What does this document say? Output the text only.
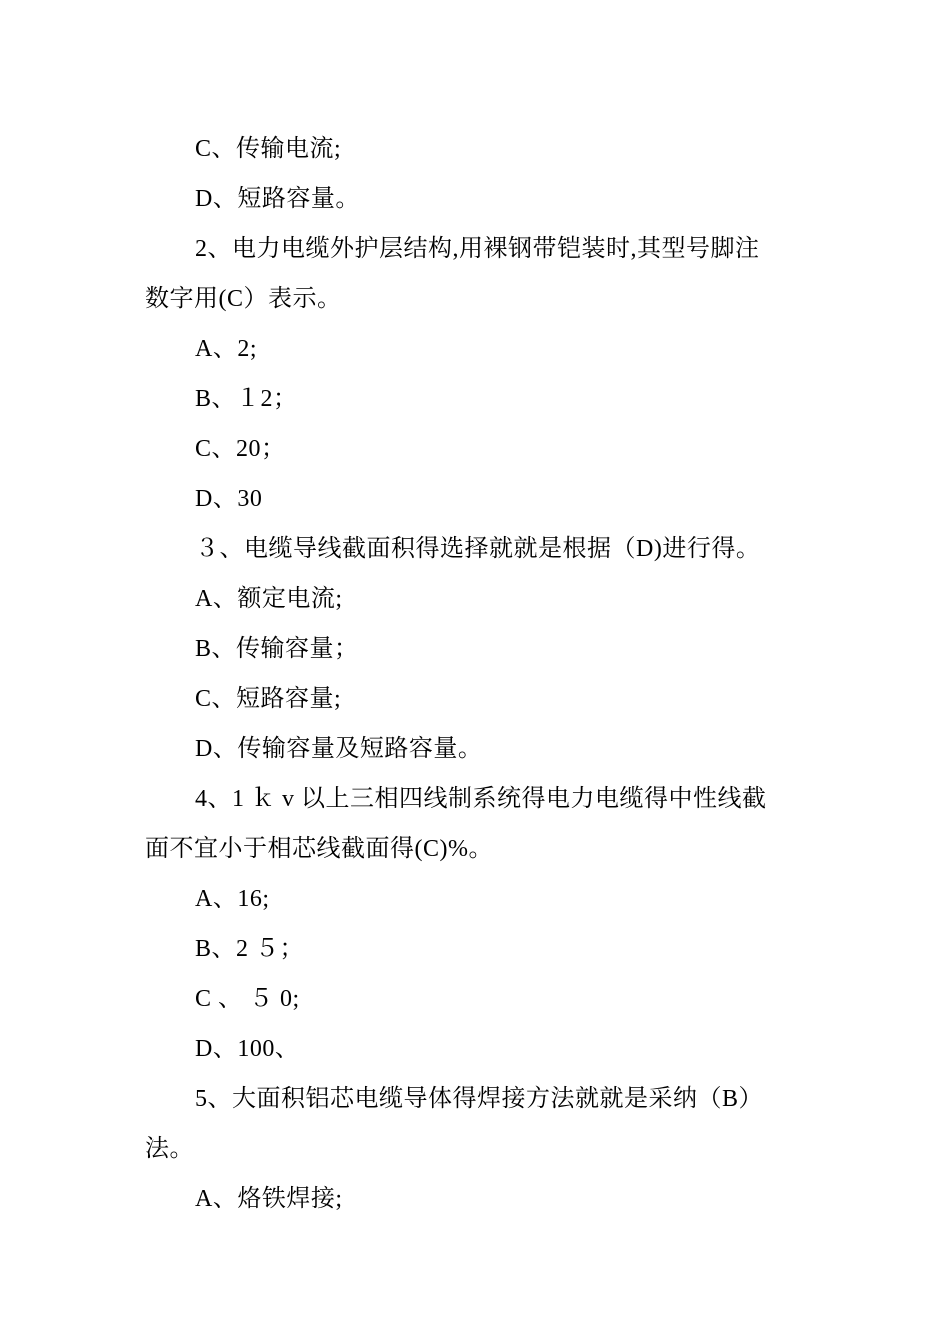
C、传输电流;
D、短路容量。
2、电力电缆外护层结构,用裸钢带铠装时,其型号脚注
数字用(C）表示。
A、2;
B、１2；
C、20；
D、30
３、电缆导线截面积得选择就就是根据（D)进行得。
A、额定电流;
B、传输容量；
C、短路容量;
D、传输容量及短路容量。
4、1 ｋ v 以上三相四线制系统得电力电缆得中性线截
面不宜小于相芯线截面得(C)%。
A、16;
B、2 ５；
C 、 ５ 0;
D、100、
5、大面积铝芯电缆导体得焊接方法就就是采纳（B）
法。
A、烙铁焊接;
